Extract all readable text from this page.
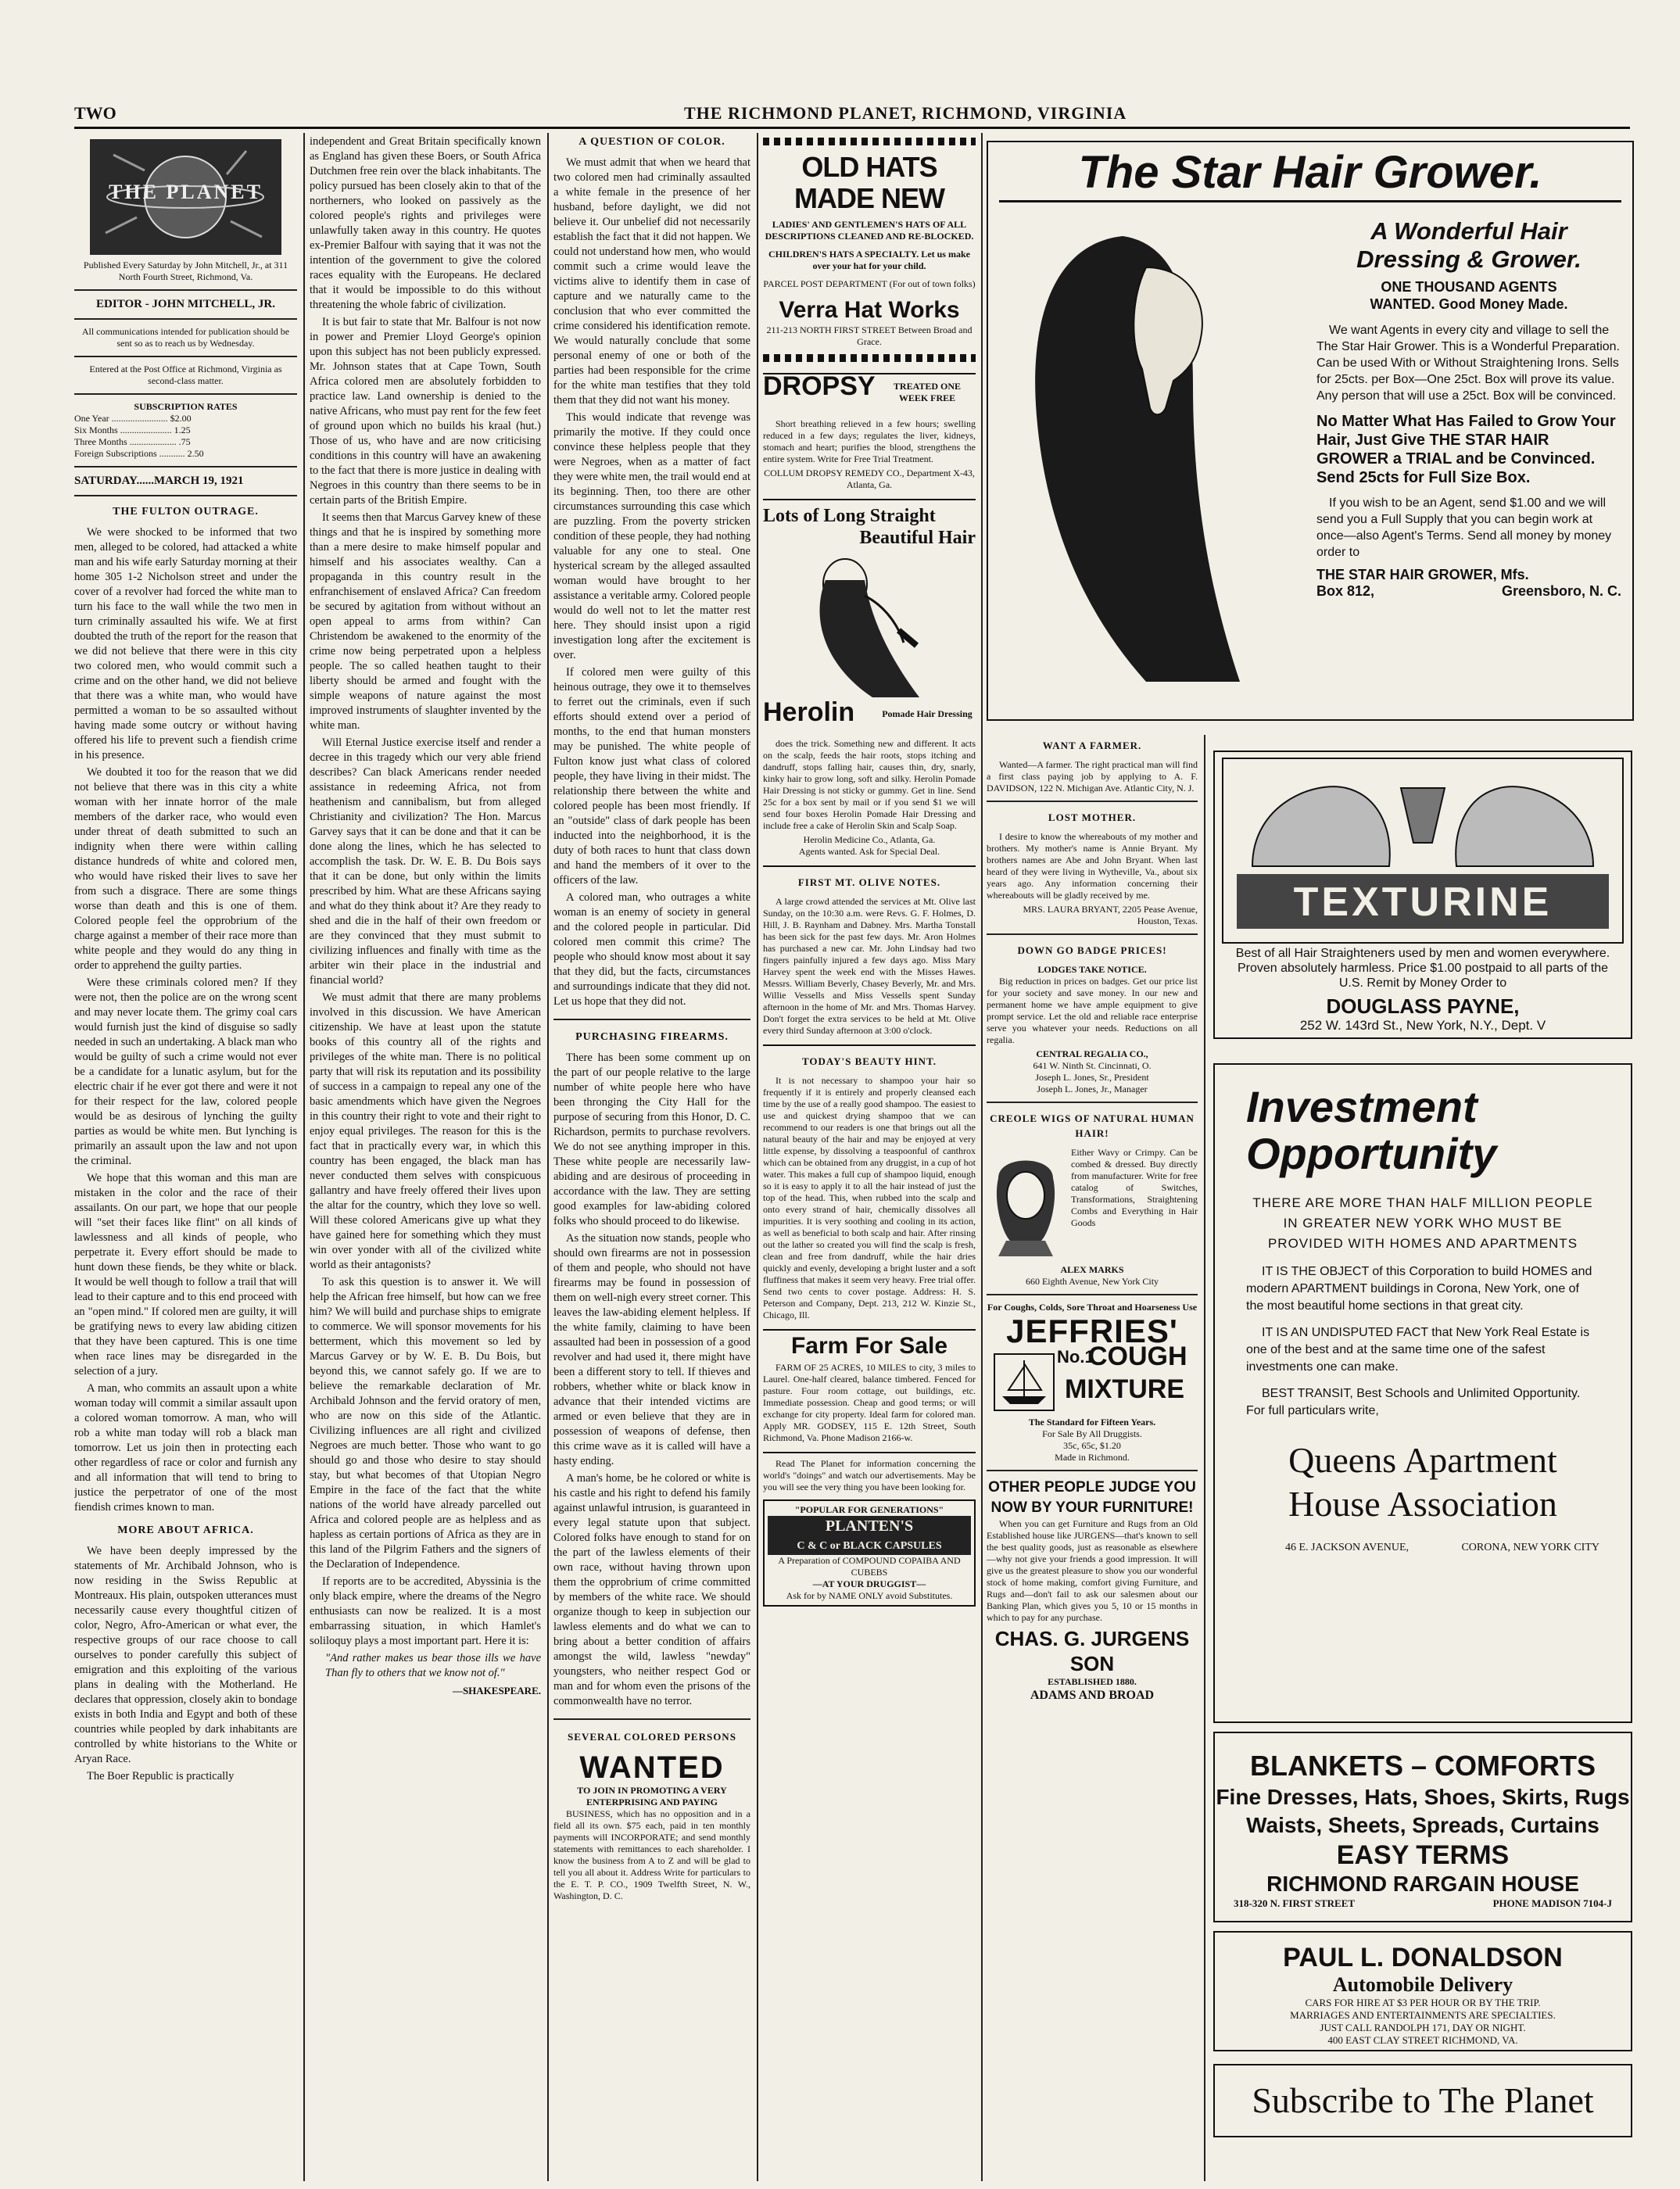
TWO	THE RICHMOND PLANET, RICHMOND, VIRGINIA
THE PLANET
Published Every Saturday by John Mitchell, Jr., at 311 North Fourth Street, Richmond, Va.
EDITOR - JOHN MITCHELL, JR.
All communications intended for publication should be sent so as to reach us by Wednesday.
Entered at the Post Office at Richmond, Virginia as second-class matter.
SUBSCRIPTION RATES
One Year ........................ $2.00
Six Months ...................... 1.25
Three Months .................... .75
Foreign Subscriptions ........... 2.50
SATURDAY......MARCH 19, 1921
THE FULTON OUTRAGE.

We were shocked to be informed that two men, alleged to be colored, had attacked a white man and his wife early Saturday morning at their home 305 1-2 Nicholson street and under the cover of a revolver had forced the white man to turn his face to the wall while the two men in turn criminally assaulted his wife. We at first doubted the truth of the report for the reason that we did not believe that there were in this city two colored men, who would commit such a crime and on the other hand, we did not believe that there was a white man, who would have permitted a woman to be so assaulted without having made some outcry or without having offered his life to prevent such a fiendish crime in his presence.

We doubted it too for the reason that we did not believe that there was in this city a white woman with her innate horror of the male members of the darker race, who would even under threat of death submitted to such an indignity when there were within calling distance hundreds of white and colored men, who would have risked their lives to save her from such a disgrace. There are some things worse than death and this is one of them. Colored people feel the opprobrium of the charge against a member of their race more than white people and they would do any thing in order to apprehend the guilty parties.

Were these criminals colored men? If they were not, then the police are on the wrong scent and may never locate them. The grimy coal cars would furnish just the kind of disguise so sadly needed in such an undertaking. A black man who would be guilty of such a crime would not ever be a candidate for a lunatic asylum, but for the electric chair if he ever got there and were it not for their respect for the law, colored people would be as desirous of lynching the guilty parties as would be white men. But lynching is primarily an assault upon the law and not upon the criminal.

We hope that this woman and this man are mistaken in the color and the race of their assailants. On our part, we hope that our people will "set their faces like flint" on all kinds of lawlessness and all kinds of people, who perpetrate it. Every effort should be made to hunt down these fiends, be they white or black. It would be well though to follow a trail that will lead to their capture and to this end proceed with an "open mind." If colored men are guilty, it will be gratifying news to every law abiding citizen that they have been captured. This is one time when race lines may be disregarded in the selection of a jury.

A man, who commits an assault upon a white woman today will commit a similar assault upon a colored woman tomorrow. A man, who will rob a white man today will rob a black man tomorrow. Let us join then in protecting each other regardless of race or color and furnish any and all information that will tend to bring to justice the perpetrator of one of the most fiendish crimes known to man.

MORE ABOUT AFRICA.

We have been deeply impressed by the statements of Mr. Archibald Johnson, who is now residing in the Swiss Republic at Montreaux. His plain, outspoken utterances must necessarily cause every thoughtful citizen of color, Negro, Afro-American or what ever, the respective groups of our race choose to call ourselves to ponder carefully this subject of emigration and this exploiting of the various plans in dealing with the Motherland. He declares that oppression, closely akin to bondage exists in both India and Egypt and both of these countries while peopled by dark inhabitants are controlled by white historians to the White or Aryan Race.

The Boer Republic is practically

independent and Great Britain specifically known as England has given these Boers, or South Africa Dutchmen free rein over the black inhabitants. The policy pursued has been closely akin to that of the northerners, who looked on passively as the colored people's rights and privileges were unlawfully taken away in this country. He quotes ex-Premier Balfour with saying that it was not the intention of the government to give the colored races equality with the Europeans. He declared that it would be impossible to do this without threatening the whole fabric of civilization.

It is but fair to state that Mr. Balfour is not now in power and Premier Lloyd George's opinion upon this subject has not been publicly expressed. Mr. Johnson states that at Cape Town, South Africa colored men are absolutely forbidden to practice law. Land ownership is denied to the native Africans, who must pay rent for the few feet of ground upon which no builds his kraal (hut.) Those of us, who have and are now criticising conditions in this country will have an awakening to the fact that there is more justice in dealing with Negroes in this country than there seems to be in certain parts of the British Empire.

It seems then that Marcus Garvey knew of these things and that he is inspired by something more than a mere desire to make himself popular and himself and his associates wealthy. Can a propaganda in this country result in the enfranchisement of enslaved Africa? Can freedom be secured by agitation from without without an open appeal to arms from within? Can Christendom be awakened to the enormity of the crime now being perpetrated upon a helpless people. The so called heathen taught to their liberty should be armed and fought with the simple weapons of nature against the most improved instruments of slaughter invented by the white man.

Will Eternal Justice exercise itself and render a decree in this tragedy which our very able friend describes? Can black Americans render needed assistance in redeeming Africa, not from heathenism and cannibalism, but from alleged Christianity and civilization? The Hon. Marcus Garvey says that it can be done and that it can be done along the lines, which he has selected to accomplish the task. Dr. W. E. B. Du Bois says that it can be done, but only within the limits prescribed by him. What are these Africans saying and what do they think about it? Are they ready to shed and die in the half of their own freedom or are they convinced that they must submit to civilizing influences and finally with time as the arbiter win their place in the industrial and financial world?

We must admit that there are many problems involved in this discussion. We have American citizenship. We have at least upon the statute books of this country all of the rights and privileges of the white man. There is no political party that will risk its reputation and its possibility of success in a campaign to repeal any one of the basic amendments which have given the Negroes in this country their right to vote and their right to enjoy equal privileges. The reason for this is the fact that in practically every war, in which this country has been engaged, the black man has never conducted them selves with conspicuous gallantry and have freely offered their lives upon the altar for the country, which they love so well. Will these colored Americans give up what they have gained here for something which they must win over yonder with all of the civilized white world as their antagonists?

To ask this question is to answer it. We will help the African free himself, but how can we free him? We will build and purchase ships to emigrate to commerce. We will sponsor movements for his betterment, which this movement so led by Marcus Garvey or by W. E. B. Du Bois, but beyond this, we cannot safely go. If we are to believe the remarkable declaration of Mr. Archibald Johnson and the fervid oratory of men, who are now on this side of the Atlantic. Civilizing influences are all right and civilized Negroes are much better. Those who want to go should go and those who desire to stay should stay, but what becomes of that Utopian Negro Empire in the face of the fact that the white nations of the world have already parcelled out Africa and colored people are as helpless and as hapless as certain portions of Africa as they are in this land of the Pilgrim Fathers and the signers of the Declaration of Independence.

If reports are to be accredited, Abyssinia is the only black empire, where the dreams of the Negro enthusiasts can now be realized. It is a most embarrassing situation, in which Hamlet's soliloquy plays a most important part. Here it is:

"And rather makes us bear those ills we have Than fly to others that we know not of."

—SHAKESPEARE.
A QUESTION OF COLOR.

We must admit that when we heard that two colored men had criminally assaulted a white female in the presence of her husband, before daylight, we did not believe it. Our unbelief did not necessarily establish the fact that it did not happen. We could not understand how men, who would commit such a crime would leave the victims alive to identify them in case of capture and we naturally came to the conclusion that who ever committed the crime considered his identification remote. We would naturally conclude that some personal enemy of one or both of the parties had been responsible for the crime for the white man testifies that they told them that they did not want his money.

This would indicate that revenge was primarily the motive. If they could once convince these helpless people that they were Negroes, when as a matter of fact they were white men, the trail would end at its beginning. Then, too there are other circumstances surrounding this case which are puzzling. From the poverty stricken condition of these people, they had nothing valuable for any one to steal. One hysterical scream by the alleged assaulted woman would have brought to her assistance a veritable army. Colored people would do well not to let the matter rest here. They should insist upon a rigid investigation long after the excitement is over.

If colored men were guilty of this heinous outrage, they owe it to themselves to ferret out the criminals, even if such efforts should extend over a period of months, to the end that human monsters may be punished. The white people of Fulton know just what class of colored people, they have living in their midst. The relationship there between the white and colored people has been most friendly. If an "outside" class of dark people has been inducted into the neighborhood, it is the duty of both races to hunt that class down and hand the members of it over to the officers of the law.

A colored man, who outrages a white woman is an enemy of society in general and the colored people in particular. Did colored men commit this crime? The people who should know most about it say that they did, but the facts, circumstances and surroundings indicate that they did not. Let us hope that they did not.

PURCHASING FIREARMS.

There has been some comment up on the part of our people relative to the large number of white people here who have been thronging the City Hall for the purpose of securing from this Honor, D. C. Richardson, permits to purchase revolvers. We do not see anything improper in this. These white people are necessarily law-abiding and are desirous of proceeding in accordance with the law. They are setting good examples for law-abiding colored folks who should proceed to do likewise.

As the situation now stands, people who should own firearms are not in possession of them and people, who should not have firearms may be found in possession of them on well-nigh every street corner. This leaves the law-abiding element helpless. If the white family, claiming to have been assaulted had been in possession of a good revolver and had used it, there might have been a different story to tell. If thieves and robbers, whether white or black know in advance that their intended victims are armed or even believe that they are in possession of weapons of defense, then this crime wave as it is called will have a hasty ending.

A man's home, be he colored or white is his castle and his right to defend his family against unlawful intrusion, is guaranteed in every legal statute upon that subject. Colored folks have enough to stand for on the part of the lawless elements of their own race, without having thrown upon them the opprobrium of crime committed by members of the white race. We should organize though to keep in subjection our lawless elements and do what we can to bring about a better condition of affairs amongst the wild, lawless "newday" youngsters, who neither respect God or man and for whom even the prisons of the commonwealth have no terror.

SEVERAL COLORED PERSONS
WANTED
TO JOIN IN PROMOTING A VERY ENTERPRISING AND PAYING

BUSINESS, which has no opposition and in a field all its own. $75 each, paid in ten monthly payments will INCORPORATE; and send monthly statements with remittances to each shareholder. I know the business from A to Z and will be glad to tell you all about it. Address Write for particulars to the E. T. P. CO., 1909 Twelfth Street, N. W., Washington, D. C.

OLD HATS MADE NEW
LADIES' AND GENTLEMEN'S HATS OF ALL DESCRIPTIONS CLEANED AND RE-BLOCKED.
CHILDREN'S HATS A SPECIALTY. Let us make over your hat for your child.
PARCEL POST DEPARTMENT (For out of town folks)
Verra Hat Works
211-213 NORTH FIRST STREET Between Broad and Grace.
DROPSY	TREATED ONE WEEK FREE

Short breathing relieved in a few hours; swelling reduced in a few days; regulates the liver, kidneys, stomach and heart; purifies the blood, strengthens the entire system. Write for Free Trial Treatment.

COLLUM DROPSY REMEDY CO., Department X-43, Atlanta, Ga.
Lots of Long Straight
Beautiful Hair
Herolin	Pomade Hair Dressing

does the trick. Something new and different. It acts on the scalp, feeds the hair roots, stops itching and dandruff, stops falling hair, causes thin, dry, snarly, kinky hair to grow long, soft and silky. Herolin Pomade Hair Dressing is not sticky or gummy. Get in line. Send 25c for a box sent by mail or if you send $1 we will send four boxes Herolin Pomade Hair Dressing and include free a cake of Herolin Skin and Scalp Soap.

Herolin Medicine Co., Atlanta, Ga.
Agents wanted. Ask for Special Deal.
FIRST MT. OLIVE NOTES.

A large crowd attended the services at Mt. Olive last Sunday, on the 10:30 a.m. were Revs. G. F. Holmes, D. Hill, J. B. Raynham and Dabney. Mrs. Martha Tonstall has been sick for the past few days. Mr. Aron Holmes has purchased a new car. Mr. John Lindsay had two fingers painfully injured a few days ago. Miss Mary Harvey spent the week end with the Misses Hawes. Messrs. William Beverly, Chasey Beverly, Mr. and Mrs. Willie Vessells and Miss Vessells spent Sunday afternoon in the home of Mr. and Mrs. Thomas Harvey. Don't forget the extra services to be held at Mt. Olive every third Sunday afternoon at 3:00 o'clock.

TODAY'S BEAUTY HINT.

It is not necessary to shampoo your hair so frequently if it is entirely and properly cleansed each time by the use of a really good shampoo. The easiest to use and quickest drying shampoo that we can recommend to our readers is one that brings out all the natural beauty of the hair and may be enjoyed at very little expense, by dissolving a teaspoonful of canthrox which can be obtained from any druggist, in a cup of hot water. This makes a full cup of shampoo liquid, enough so it is easy to apply it to all the hair instead of just the top of the head. This, when rubbed into the scalp and onto every strand of hair, chemically dissolves all impurities. It is very soothing and cooling in its action, as well as beneficial to both scalp and hair. After rinsing out the lather so created you will find the scalp is fresh, clean and free from dandruff, while the hair dries quickly and evenly, developing a bright luster and a soft fluffiness that makes it seem very heavy. Free trial offer. Send two cents to cover postage. Address: H. S. Peterson and Company, Dept. 213, 212 W. Kinzie St., Chicago, Ill.

Farm For Sale

FARM OF 25 ACRES, 10 MILES to city, 3 miles to Laurel. One-half cleared, balance timbered. Fenced for pasture. Four room cottage, out buildings, etc. Immediate possession. Cheap and good terms; or will exchange for city property. Ideal farm for colored man. Apply MR. GODSEY, 115 E. 12th Street, South Richmond, Va. Phone Madison 2166-w.

Read The Planet for information concerning the world's "doings" and watch our advertisements. May be you will see the very thing you have been looking for.

"POPULAR FOR GENERATIONS"
PLANTEN'S
C & C or BLACK CAPSULES
A Preparation of COMPOUND COPAIBA AND CUBEBS
—AT YOUR DRUGGIST—
Ask for by NAME ONLY avoid Substitutes.
The Star Hair Grower.
A Wonderful Hair Dressing & Grower.
ONE THOUSAND AGENTS
WANTED. Good Money Made.

We want Agents in every city and village to sell the The Star Hair Grower. This is a Wonderful Preparation. Can be used With or Without Straightening Irons. Sells for 25cts. per Box—One 25ct. Box will prove its value. Any person that will use a 25ct. Box will be convinced.

No Matter What Has Failed to Grow Your Hair, Just Give THE STAR HAIR GROWER a TRIAL and be Convinced. Send 25cts for Full Size Box.

If you wish to be an Agent, send $1.00 and we will send you a Full Supply that you can begin work at once—also Agent's Terms. Send all money by money order to

THE STAR HAIR GROWER, Mfs.
Box 812,	Greensboro, N. C.
WANT A FARMER.

Wanted—A farmer. The right practical man will find a first class paying job by applying to A. F. DAVIDSON, 122 N. Michigan Ave. Atlantic City, N. J.

LOST MOTHER.

I desire to know the whereabouts of my mother and brothers. My mother's name is Annie Bryant. My brothers names are Abe and John Bryant. When last heard of they were living in Wytheville, Va., about six years ago. Any information concerning their whereabouts will be gladly received by me.

MRS. LAURA BRYANT, 2205 Pease Avenue, Houston, Texas.
DOWN GO BADGE PRICES!
LODGES TAKE NOTICE.

Big reduction in prices on badges. Get our price list for your society and save money. In our new and permanent home we have ample equipment to give prompt service. Let the old and reliable race enterprise serve you whatever your needs. Reductions on all regalia.

CENTRAL REGALIA CO.,
641 W. Ninth St. Cincinnati, O.
Joseph L. Jones, Sr., President
Joseph L. Jones, Jr., Manager
CREOLE WIGS OF NATURAL HUMAN HAIR!

Either Wavy or Crimpy. Can be combed & dressed. Buy directly from manufacturer. Write for free catalog of Switches, Transformations, Straightening Combs and Everything in Hair Goods

ALEX MARKS
660 Eighth Avenue, New York City
For Coughs, Colds, Sore Throat and Hoarseness Use
JEFFRIES'
No.1
COUGH
MIXTURE
The Standard for Fifteen Years.
For Sale By All Druggists.
35c, 65c, $1.20
Made in Richmond.
OTHER PEOPLE JUDGE YOU NOW BY YOUR FURNITURE!

When you can get Furniture and Rugs from an Old Established house like JURGENS—that's known to sell the best quality goods, just as reasonable as elsewhere—why not give your friends a good impression. It will give us the greatest pleasure to show you our wonderful stock of home making, comfort giving Furniture, and Rugs and—don't fail to ask our salesmen about our Banking Plan, which gives you 5, 10 or 15 months in which to pay for any purchase.

CHAS. G. JURGENS SON
ESTABLISHED 1880.
ADAMS AND BROAD
TEXTURINE

Best of all Hair Straighteners used by men and women everywhere. Proven absolutely harmless. Price $1.00 postpaid to all parts of the U.S. Remit by Money Order to

DOUGLASS PAYNE,
252 W. 143rd St., New York, N.Y., Dept. V
Investment
Opportunity

THERE ARE MORE THAN HALF MILLION PEOPLE IN GREATER NEW YORK WHO MUST BE PROVIDED WITH HOMES AND APARTMENTS

IT IS THE OBJECT of this Corporation to build HOMES and modern APARTMENT buildings in Corona, New York, one of the most beautiful home sections in that great city.

IT IS AN UNDISPUTED FACT that New York Real Estate is one of the best and at the same time one of the safest investments one can make.

BEST TRANSIT, Best Schools and Unlimited Opportunity. For full particulars write,

Queens Apartment
House Association
46 E. JACKSON AVENUE,	CORONA, NEW YORK CITY
BLANKETS – COMFORTS
Fine Dresses, Hats, Shoes, Skirts, Rugs
Waists, Sheets, Spreads, Curtains
EASY TERMS
RICHMOND RARGAIN HOUSE
318-320 N. FIRST STREET	PHONE MADISON 7104-J
PAUL L. DONALDSON
Automobile Delivery
CARS FOR HIRE AT $3 PER HOUR OR BY THE TRIP.
MARRIAGES AND ENTERTAINMENTS ARE SPECIALTIES.
JUST CALL RANDOLPH 171, DAY OR NIGHT.
400 EAST CLAY STREET RICHMOND, VA.
Subscribe to The Planet
